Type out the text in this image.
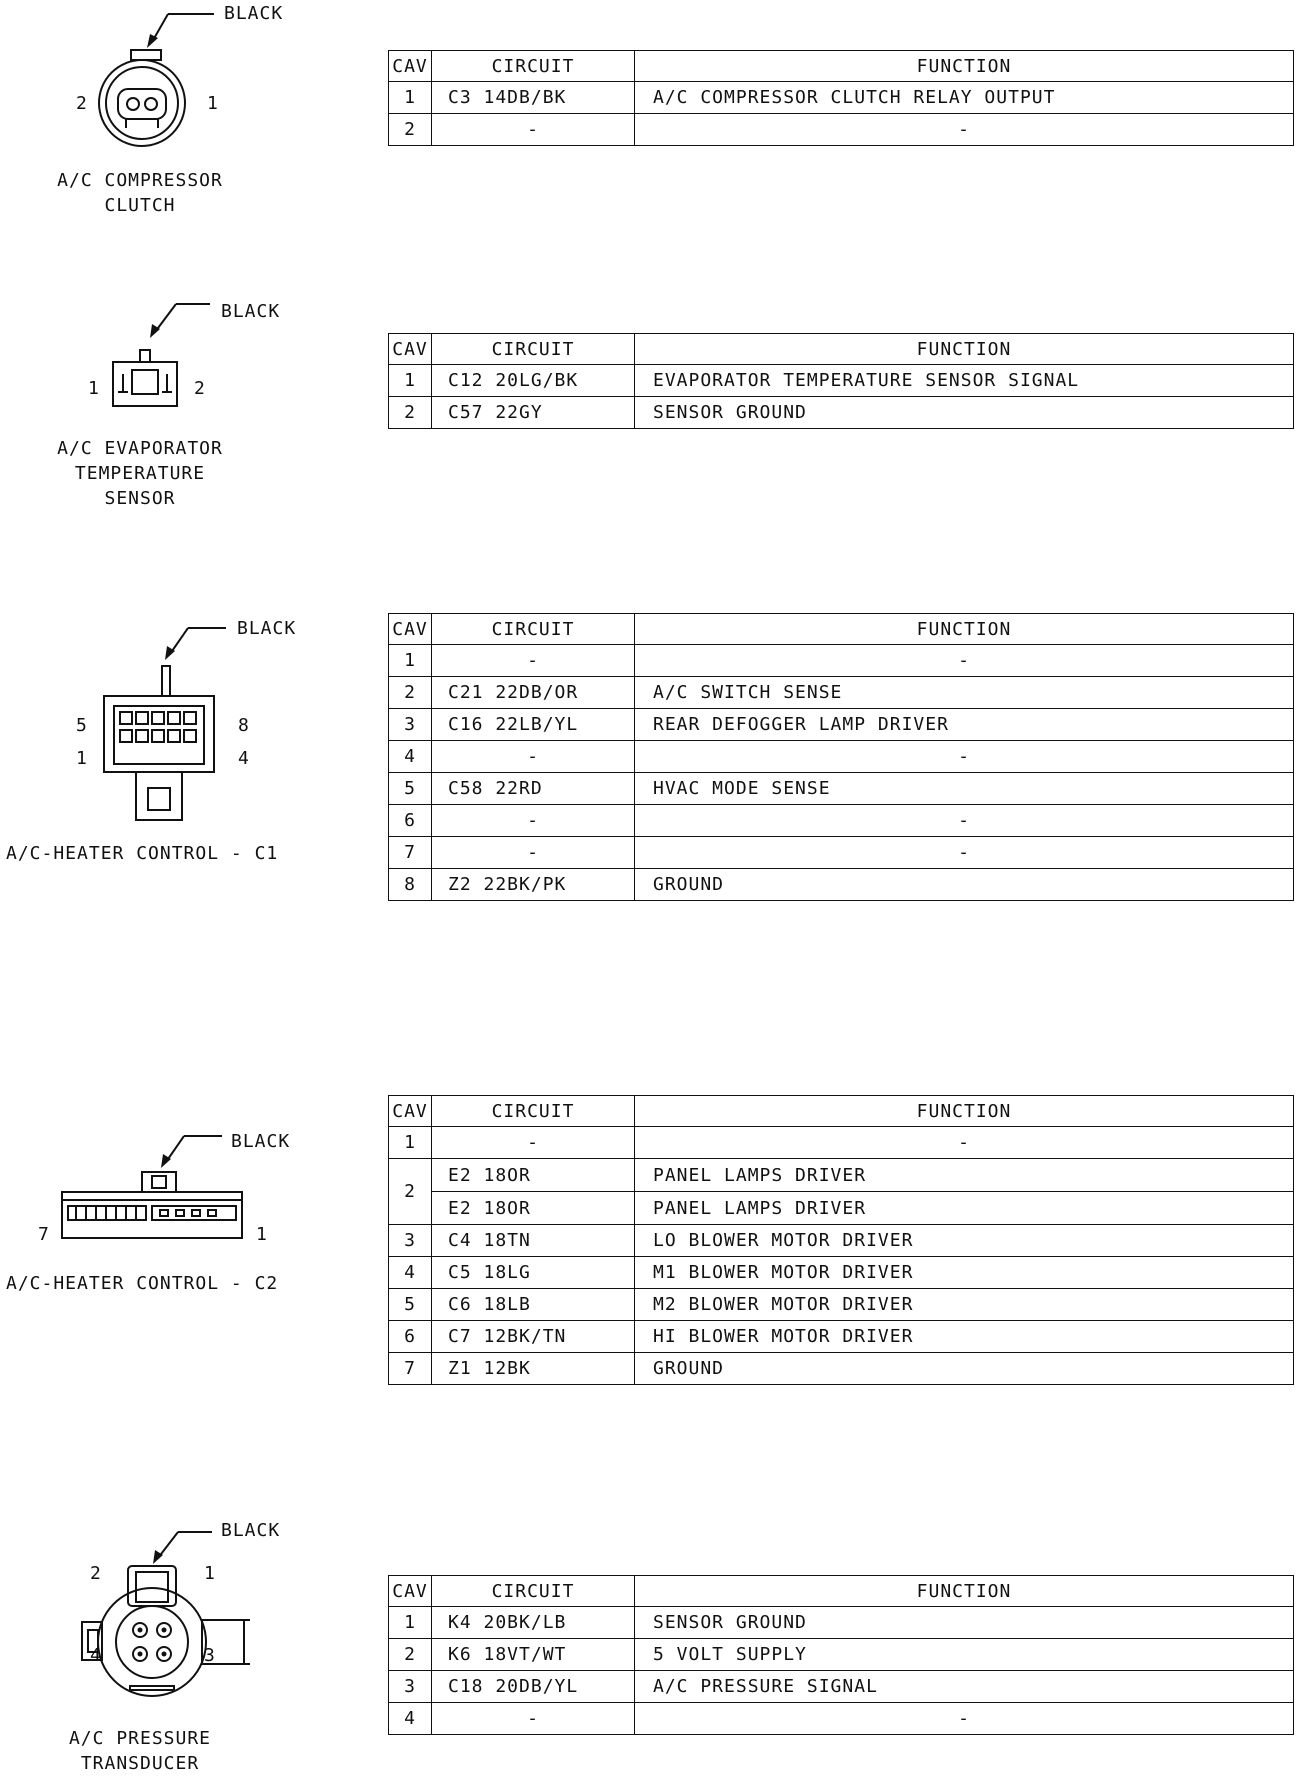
BLACK
2	1
A/C COMPRESSOR
CLUTCH
CAV	CIRCUIT	FUNCTION
1	C3 14DB/BK	A/C COMPRESSOR CLUTCH RELAY OUTPUT
2	-	-
1	2
BLACK
A/C EVAPORATOR
TEMPERATURE
SENSOR
CAV	CIRCUIT	FUNCTION
1	C12 20LG/BK	EVAPORATOR TEMPERATURE SENSOR SIGNAL
2	C57 22GY	SENSOR GROUND
BLACK
5	8
1	4
A/C-HEATER CONTROL - C1
CAV	CIRCUIT	FUNCTION
1	-	-
2	C21 22DB/OR	A/C SWITCH SENSE
3	C16 22LB/YL	REAR DEFOGGER LAMP DRIVER
4	-	-
5	C58 22RD	HVAC MODE SENSE
6	-	-
7	-	-
8	Z2 22BK/PK	GROUND
BLACK
7	1
A/C-HEATER CONTROL - C2
CAV	CIRCUIT	FUNCTION
1	-	-
2	E2 18OR	PANEL LAMPS DRIVER
	E2 18OR	PANEL LAMPS DRIVER
3	C4 18TN	LO BLOWER MOTOR DRIVER
4	C5 18LG	M1 BLOWER MOTOR DRIVER
5	C6 18LB	M2 BLOWER MOTOR DRIVER
6	C7 12BK/TN	HI BLOWER MOTOR DRIVER
7	Z1 12BK	GROUND
BLACK
2	1
4	3
A/C PRESSURE
TRANSDUCER
CAV	CIRCUIT	FUNCTION
1	K4 20BK/LB	SENSOR GROUND
2	K6 18VT/WT	5 VOLT SUPPLY
3	C18 20DB/YL	A/C PRESSURE SIGNAL
4	-	-
